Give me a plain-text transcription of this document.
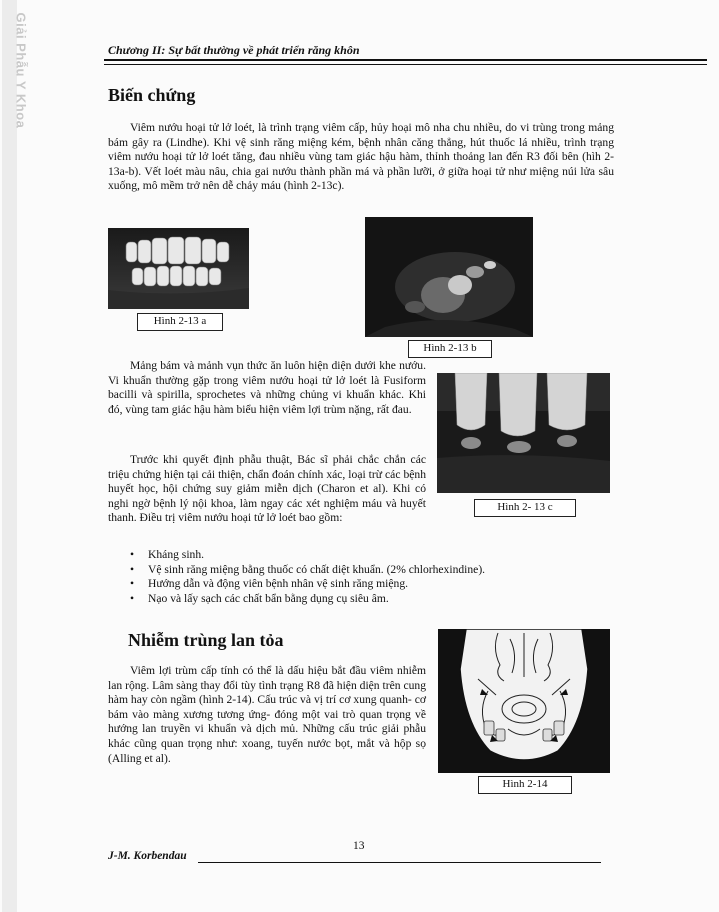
Giải Phẫu Y Khoa	Chương II: Sự bất thường về phát triển răng khôn
Biến chứng

Viêm nướu hoại tử lở loét, là trình trạng viêm cấp, hủy hoại mô nha chu nhiều, do vi trùng trong mảng bám gây ra (Lindhe). Khi vệ sinh răng miệng kém, bệnh nhân căng thẳng, hút thuốc lá nhiều, trình trạng viêm nướu hoại tử lở loét tăng, đau nhiều vùng tam giác hậu hàm, thỉnh thoảng lan đến R3 đối bên (hìh 2-13a-b). Vết loét màu nâu, chia gai nướu thành phần má và phần lưỡi, ở giữa hoại tử như miệng núi lửa sâu xuống, mô mềm trở nên dễ chảy máu (hình 2-13c).

Hình 2-13 a
Hình 2-13 b
Hình 2- 13 c

Mảng bám và mảnh vụn thức ăn luôn hiện diện dưới khe nướu. Vi khuẩn thường gặp trong viêm nướu hoại tử lở loét là Fusiform bacilli và spirilla, sprochetes và những chủng vi khuẩn khác. Khi đó, vùng tam giác hậu hàm biểu hiện viêm lợi trùm nặng, rất đau.

Trước khi quyết định phẫu thuật, Bác sĩ phải chắc chắn các triệu chứng hiện tại cải thiện, chẩn đoán chính xác, loại trừ các bệnh huyết học, hội chứng suy giảm miễn dịch (Charon et al). Khi có nghi ngờ bệnh lý nội khoa, làm ngay các xét nghiệm máu và huyết thanh. Điều trị viêm nướu hoại tử lở loét bao gồm:

• Kháng sinh.
• Vệ sinh răng miệng bằng thuốc có chất diệt khuẩn. (2% chlorhexindine).
• Hướng dẫn và động viên bệnh nhân vệ sinh răng miệng.
• Nạo và lấy sạch các chất bẩn bằng dụng cụ siêu âm.
Nhiễm trùng lan tỏa

Viêm lợi trùm cấp tính có thể là dấu hiệu bắt đầu viêm nhiễm lan rộng. Lâm sàng thay đổi tùy tình trạng R8 đã hiện diện trên cung hàm hay còn ngầm (hình 2-14). Cấu trúc và vị trí cơ xung quanh- cơ bám vào màng xương tương ứng- đóng một vai trò quan trọng về hướng lan truyền vi khuẩn và dịch mủ. Những cấu trúc giải phẫu khác cũng quan trọng như: xoang, tuyến nước bọt, mắt và hộp sọ (Alling et al).

Hình 2-14
13
J-M. Korbendau
